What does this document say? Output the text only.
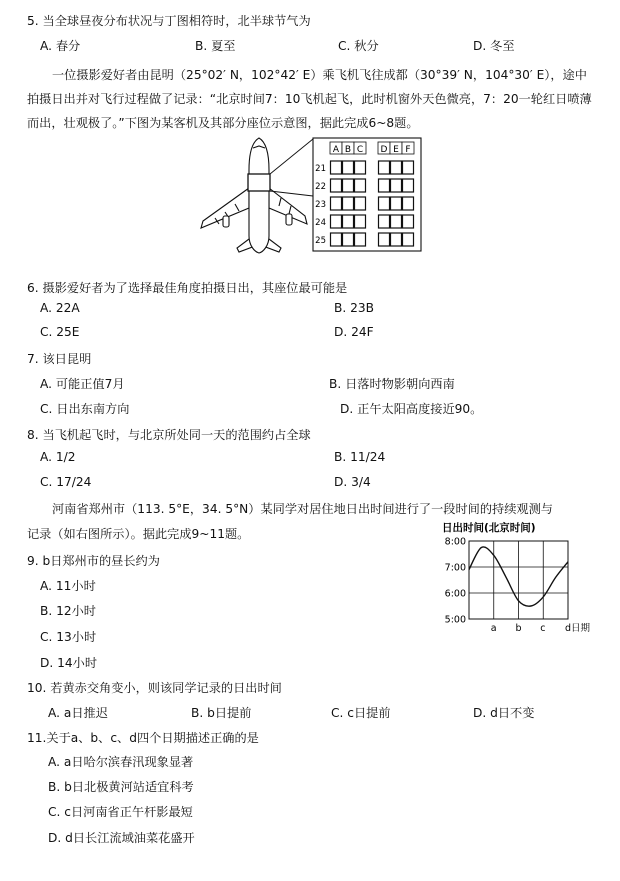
5. 当全球昼夜分布状况与丁图相符时，北半球节气为
A. 春分	B. 夏至	C. 秋分	D. 冬至
一位摄影爱好者由昆明（25°02′ N，102°42′ E）乘飞机飞往成都（30°39′ N，104°30′ E），途中拍摄日出并对飞行过程做了记录：“北京时间7：10飞机起飞，此时机窗外天色微亮，7：20一轮红日喷薄而出，壮观极了。”下图为某客机及其部分座位示意图，据此完成6~8题。
A B C D E F
21
22
23
24
25
6. 摄影爱好者为了选择最佳角度拍摄日出，其座位最可能是
A. 22A	B. 23B
C. 25E	D. 24F
7. 该日昆明
A. 可能正值7月	B. 日落时物影朝向西南
C. 日出东南方向	D. 正午太阳高度接近90。
8. 当飞机起飞时，与北京所处同一天的范围约占全球
A. 1/2	B. 11/24
C. 17/24	D. 3/4
河南省郑州市（113. 5°E，34. 5°N）某同学对居住地日出时间进行了一段时间的持续观测与
记录（如右图所示）。据此完成9~11题。	日出时间(北京时间)
8:00
7:00
6:00
5:00
a b c d日期
9. b日郑州市的昼长约为
A. 11小时
B. 12小时
C. 13小时
D. 14小时
10. 若黄赤交角变小，则该同学记录的日出时间
A. a日推迟	B. b日提前	C. c日提前	D. d日不变
11.关于a、b、c、d四个日期描述正确的是
A. a日哈尔滨春汛现象显著
B. b日北极黄河站适宜科考
C. c日河南省正午杆影最短
D. d日长江流域油菜花盛开
